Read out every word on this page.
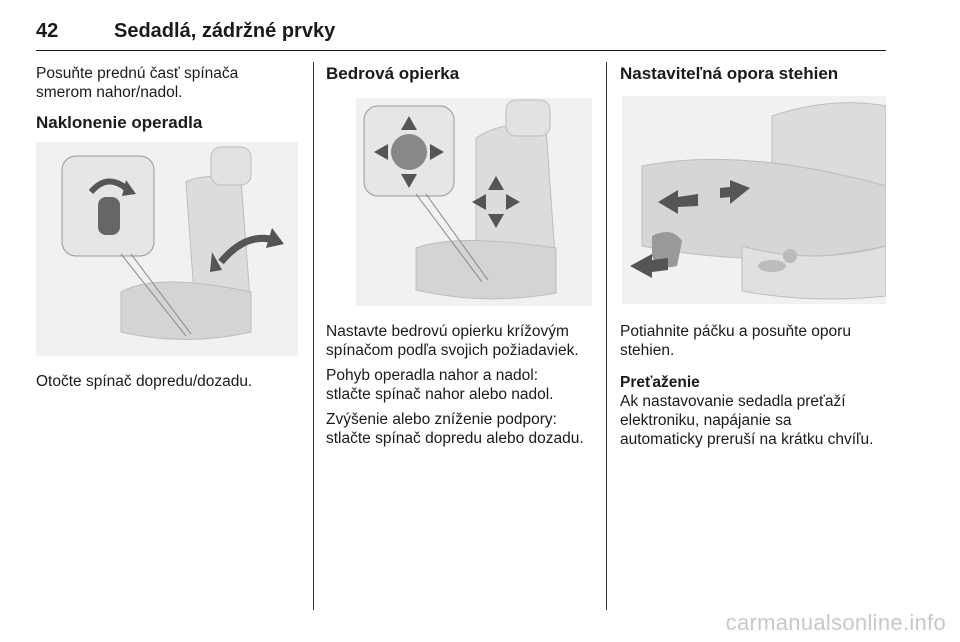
42	Sedadlá, zádržné prvky

Posuňte prednú časť spínača

smerom nahor/nadol.

Naklonenie operadla

Otočte spínač dopredu/dozadu.

Bedrová opierka

Nastavte bedrovú opierku krížovým

spínačom podľa svojich požiadaviek.

Pohyb operadla nahor a nadol:

stlačte spínač nahor alebo nadol.

Zvýšenie alebo zníženie podpory:

stlačte spínač dopredu alebo dozadu.

Nastaviteľná opora stehien

Potiahnite páčku a posuňte oporu

stehien.

Preťaženie

Ak nastavovanie sedadla preťaží

elektroniku, napájanie sa

automaticky preruší na krátku chvíľu.

carmanualsonline.info
